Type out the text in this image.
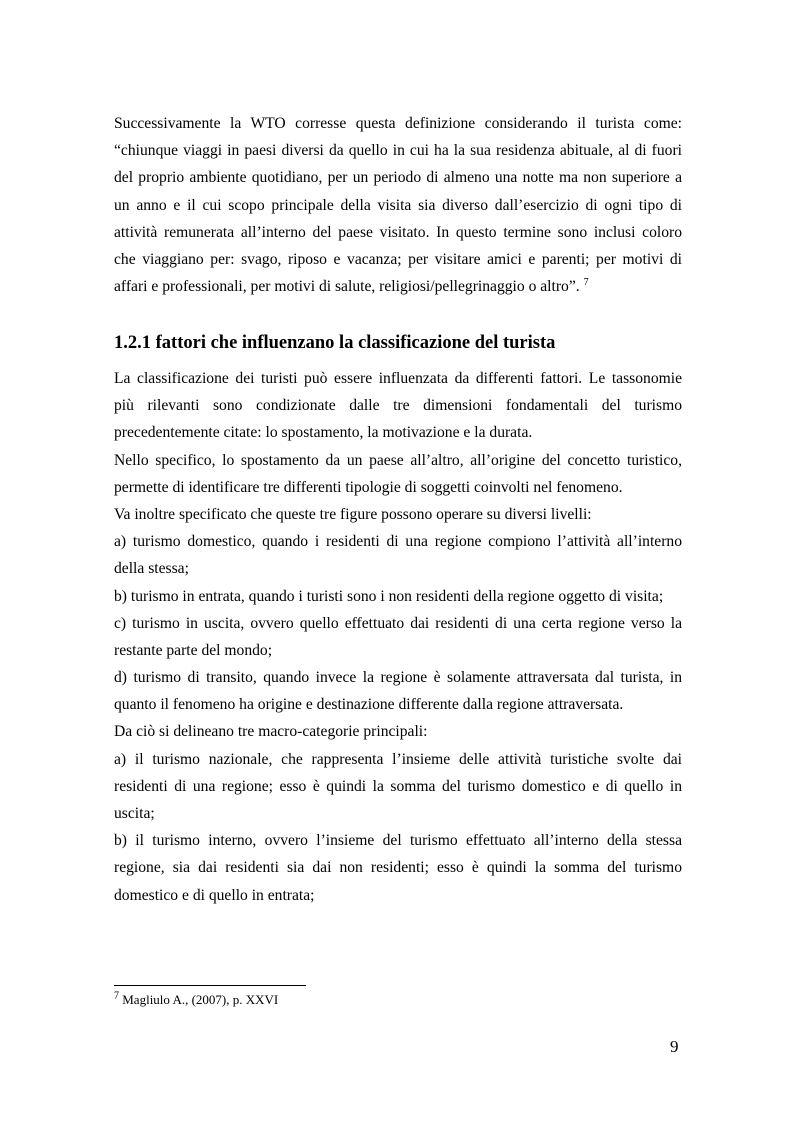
Successivamente la WTO corresse questa definizione considerando il turista come:
“chiunque viaggi in paesi diversi da quello in cui ha la sua residenza abituale, al di fuori
del proprio ambiente quotidiano, per un periodo di almeno una notte ma non superiore a
un anno e il cui scopo principale della visita sia diverso dall’esercizio di ogni tipo di
attività remunerata all’interno del paese visitato. In questo termine sono inclusi coloro
che viaggiano per: svago, riposo e vacanza; per visitare amici e parenti; per motivi di
affari e professionali, per motivi di salute, religiosi/pellegrinaggio o altro”. $^7$
1.2.1 fattori che influenzano la classificazione del turista
La classificazione dei turisti può essere influenzata da differenti fattori. Le tassonomie
più rilevanti sono condizionate dalle tre dimensioni fondamentali del turismo
precedentemente citate: lo spostamento, la motivazione e la durata.
Nello specifico, lo spostamento da un paese all’altro, all’origine del concetto turistico,
permette di identificare tre differenti tipologie di soggetti coinvolti nel fenomeno.
Va inoltre specificato che queste tre figure possono operare su diversi livelli:
a) turismo domestico, quando i residenti di una regione compiono l’attività all’interno
della stessa;
b) turismo in entrata, quando i turisti sono i non residenti della regione oggetto di visita;
c) turismo in uscita, ovvero quello effettuato dai residenti di una certa regione verso la
restante parte del mondo;
d) turismo di transito, quando invece la regione è solamente attraversata dal turista, in
quanto il fenomeno ha origine e destinazione differente dalla regione attraversata.
Da ciò si delineano tre macro-categorie principali:
a) il turismo nazionale, che rappresenta l’insieme delle attività turistiche svolte dai
residenti di una regione; esso è quindi la somma del turismo domestico e di quello in
uscita;
b) il turismo interno, ovvero l’insieme del turismo effettuato all’interno della stessa
regione, sia dai residenti sia dai non residenti; esso è quindi la somma del turismo
domestico e di quello in entrata;
$^7$ Magliulo A., (2007), p. XXVI
9
